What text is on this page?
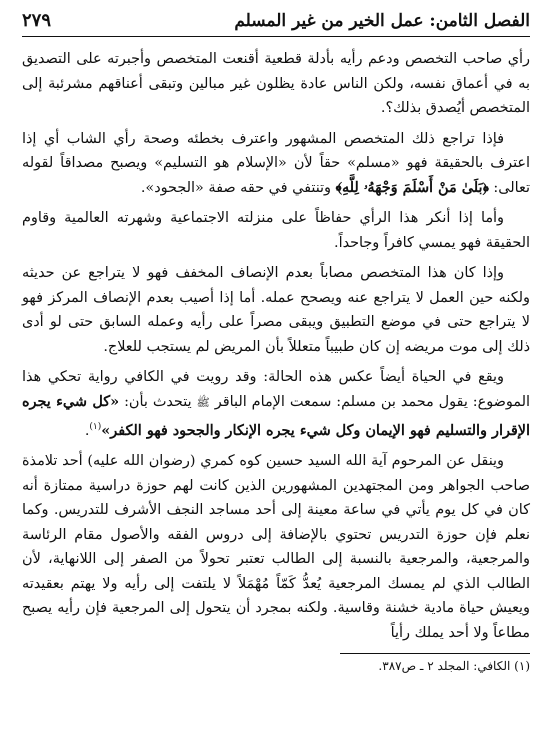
الفصل الثامن: عمل الخير من غير المسلم
٢٧٩

رأي صاحب التخصص ودعم رأيه بأدلة قطعية أقنعت المتخصص وأجبرته على التصديق به في أعماق نفسه، ولكن الناس عادة يظلون غير مبالين وتبقى أعناقهم مشرئبة إلى المتخصص أيُصدق بذلك؟.

فإذا تراجع ذلك المتخصص المشهور واعترف بخطئه وصحة رأي الشاب أي إذا اعترف بالحقيقة فهو «مسلم» حقاً لأن «الإسلام هو التسليم» ويصبح مصداقاً لقوله تعالى: ﴿بَلَىٰ مَنْ أَسْلَمَ وَجْهَهُۥ لِلَّهِ﴾ وتنتفي في حقه صفة «الجحود».

وأما إذا أنكر هذا الرأي حفاظاً على منزلته الاجتماعية وشهرته العالمية وقاوم الحقيقة فهو يمسي كافراً وجاحداً.

وإذا كان هذا المتخصص مصاباً بعدم الإنصاف المخفف فهو لا يتراجع عن حديثه ولكنه حين العمل لا يتراجع عنه ويصحح عمله. أما إذا أصيب بعدم الإنصاف المركز فهو لا يتراجع حتى في موضع التطبيق ويبقى مصراً على رأيه وعمله السابق حتى لو أدى ذلك إلى موت مريضه إن كان طبيباً متعللاً بأن المريض لم يستجب للعلاج.

ويقع في الحياة أيضاً عكس هذه الحالة: وقد رويت في الكافي رواية تحكي هذا الموضوع: يقول محمد بن مسلم: سمعت الإمام الباقر ﷺ يتحدث بأن: «كل شيء يجره الإقرار والتسليم فهو الإيمان وكل شيء يجره الإنكار والجحود فهو الكفر»$^{(١)}$.

وينقل عن المرحوم آية الله السيد حسين كوه كمري (رضوان الله عليه) أحد تلامذة صاحب الجواهر ومن المجتهدين المشهورين الذين كانت لهم حوزة دراسية ممتازة أنه كان في كل يوم يأتي في ساعة معينة إلى أحد مساجد النجف الأشرف للتدريس. وكما نعلم فإن حوزة التدريس تحتوي بالإضافة إلى دروس الفقه والأصول مقام الرئاسة والمرجعية، والمرجعية بالنسبة إلى الطالب تعتبر تحولاً من الصفر إلى اللانهاية، لأن الطالب الذي لم يمسك المرجعية يُعدُّ كَمّاً مُهْمَلاً لا يلتفت إلى رأيه ولا يهتم بعقيدته ويعيش حياة مادية خشنة وقاسية. ولكنه بمجرد أن يتحول إلى المرجعية فإن رأيه يصبح مطاعاً ولا أحد يملك رأياً

(١) الكافي: المجلد ٢ ـ ص٣٨٧.
